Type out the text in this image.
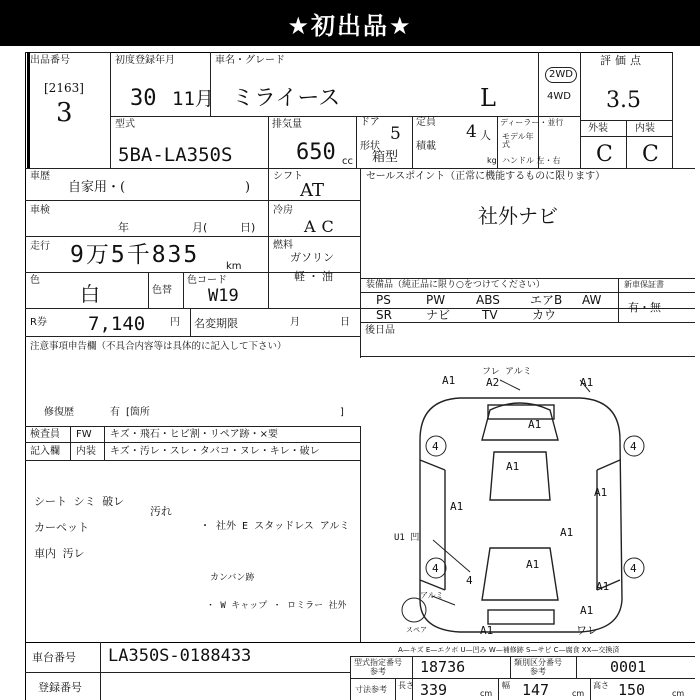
★初出品★
出品番号
[2163]
3
初度登録年月
30 11月
車名・グレード
ミライース	L
2WD
4WD
評価点
3.5
外装	内装
C C
型式
5BA-LA350S
排気量
650 cc
ドア
5
定員 4 人
形状
箱型
積載
kg
ディーラー・並行
モデル年式
ハンドル 左・右
車歴
自家用・(	)
シフト
AT
セールスポイント（正常に機能するものに限ります）
社外ナビ
車検
年	月(	日)
冷房
AC
走行 9万5千835	km
燃料
ガソリン
軽・油
色
白	色替
色コード
W19
装備品（純正品に限り○をつけてください）	新車保証書
有・無
PS	PW	ABS	エアB AW
SR	ナビ	TV	カウ
R券 7,140 円 名変期限	月	日
後日品
注意事項申告欄（不具合内容等は具体的に記入して下さい）
修復歴	有 [箇所	]
検査員 FW キズ・飛石・ヒビ割・リペア跡・×要
記入欄 内装 キズ・汚レ・スレ・タバコ・ヌレ・キレ・破レ
シート シミ 破レ
カーペット
車内 汚レ
汚れ
・ 社外 E スタッドレス アルミ
カンバン跡
・ W キャップ ・ ロミラー 社外
A1
A1
A1
A1
A1
A1
A1
A1
A1
4	4
4	4
4
フレ アルミ
A2	A1
U1 凹
スペア
アルミ
A1	ワレ
A—キズ E—エクボ U—凹み W—補修跡 S—サビ C—腐食 XX—交換済
車台番号 LA350S-0188433
登録番号
型式指定番号
参考 18736	類別区分番号
参考	0001
寸法参考 長さ 339	cm
幅 147	cm
高さ 150	cm
